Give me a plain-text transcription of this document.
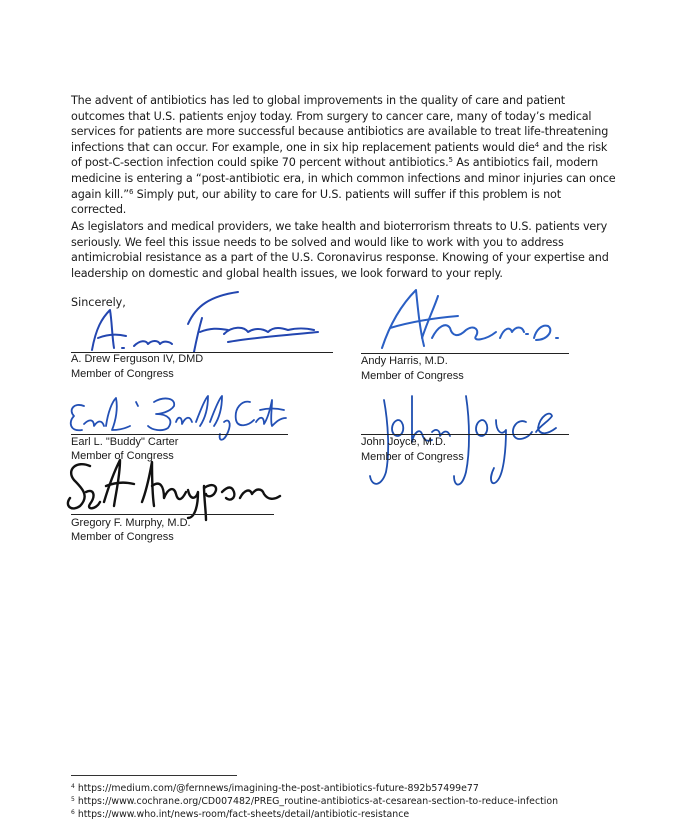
The advent of antibiotics has led to global improvements in the quality of care and patient outcomes that U.S. patients enjoy today. From surgery to cancer care, many of today’s medical services for patients are more successful because antibiotics are available to treat life-threatening infections that can occur. For example, one in six hip replacement patients would die$^4$ and the risk of post-C-section infection could spike 70 percent without antibiotics.$^5$ As antibiotics fail, modern medicine is entering a “post-antibiotic era, in which common infections and minor injuries can once again kill.”$^6$ Simply put, our ability to care for U.S. patients will suffer if this problem is not corrected.
As legislators and medical providers, we take health and bioterrorism threats to U.S. patients very seriously. We feel this issue needs to be solved and would like to work with you to address antimicrobial resistance as a part of the U.S. Coronavirus response. Knowing of your expertise and leadership on domestic and global health issues, we look forward to your reply.
Sincerely,
A. Drew Ferguson IV, DMD
Member of Congress
Andy Harris, M.D.
Member of Congress
Earl L. "Buddy" Carter
Member of Congress
John Joyce, M.D.
Member of Congress
Gregory F. Murphy, M.D.
Member of Congress
$^4$ https://medium.com/@fernnews/imagining-the-post-antibiotics-future-892b57499e77
$^5$ https://www.cochrane.org/CD007482/PREG_routine-antibiotics-at-cesarean-section-to-reduce-infection
$^6$ https://www.who.int/news-room/fact-sheets/detail/antibiotic-resistance
